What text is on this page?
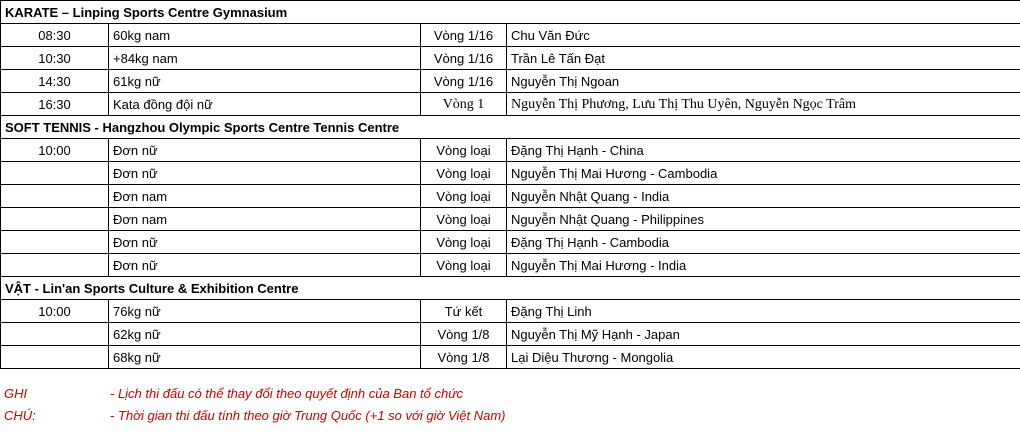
KARATE – Linping Sports Centre Gymnasium			
08:30	60kg nam	Vòng 1/16	Chu Văn Đức
10:30	+84kg nam	Vòng 1/16	Trần Lê Tấn Đạt
14:30	61kg nữ	Vòng 1/16	Nguyễn Thị Ngoan
16:30	Kata đồng đội nữ	Vòng 1	Nguyễn Thị Phương, Lưu Thị Thu Uyên, Nguyễn Ngọc Trâm
SOFT TENNIS - Hangzhou Olympic Sports Centre Tennis Centre			
10:00	Đơn nữ	Vòng loại	Đặng Thị Hạnh - China
	Đơn nữ	Vòng loại	Nguyễn Thị Mai Hương - Cambodia
	Đơn nam	Vòng loại	Nguyễn Nhật Quang - India
	Đơn nam	Vòng loại	Nguyễn Nhật Quang - Philippines
	Đơn nữ	Vòng loại	Đặng Thị Hạnh - Cambodia
	Đơn nữ	Vòng loại	Nguyễn Thị Mai Hương - India
VẬT - Lin'an Sports Culture & Exhibition Centre			
10:00	76kg nữ	Tứ kết	Đặng Thị Linh
	62kg nữ	Vòng 1/8	Nguyễn Thị Mỹ Hạnh - Japan
	68kg nữ	Vòng 1/8	Lại Diệu Thương - Mongolia
GHI CHÚ:
- Lịch thi đấu có thể thay đổi theo quyết định của Ban tổ chức
- Thời gian thi đấu tính theo giờ Trung Quốc (+1 so với giờ Việt Nam)
